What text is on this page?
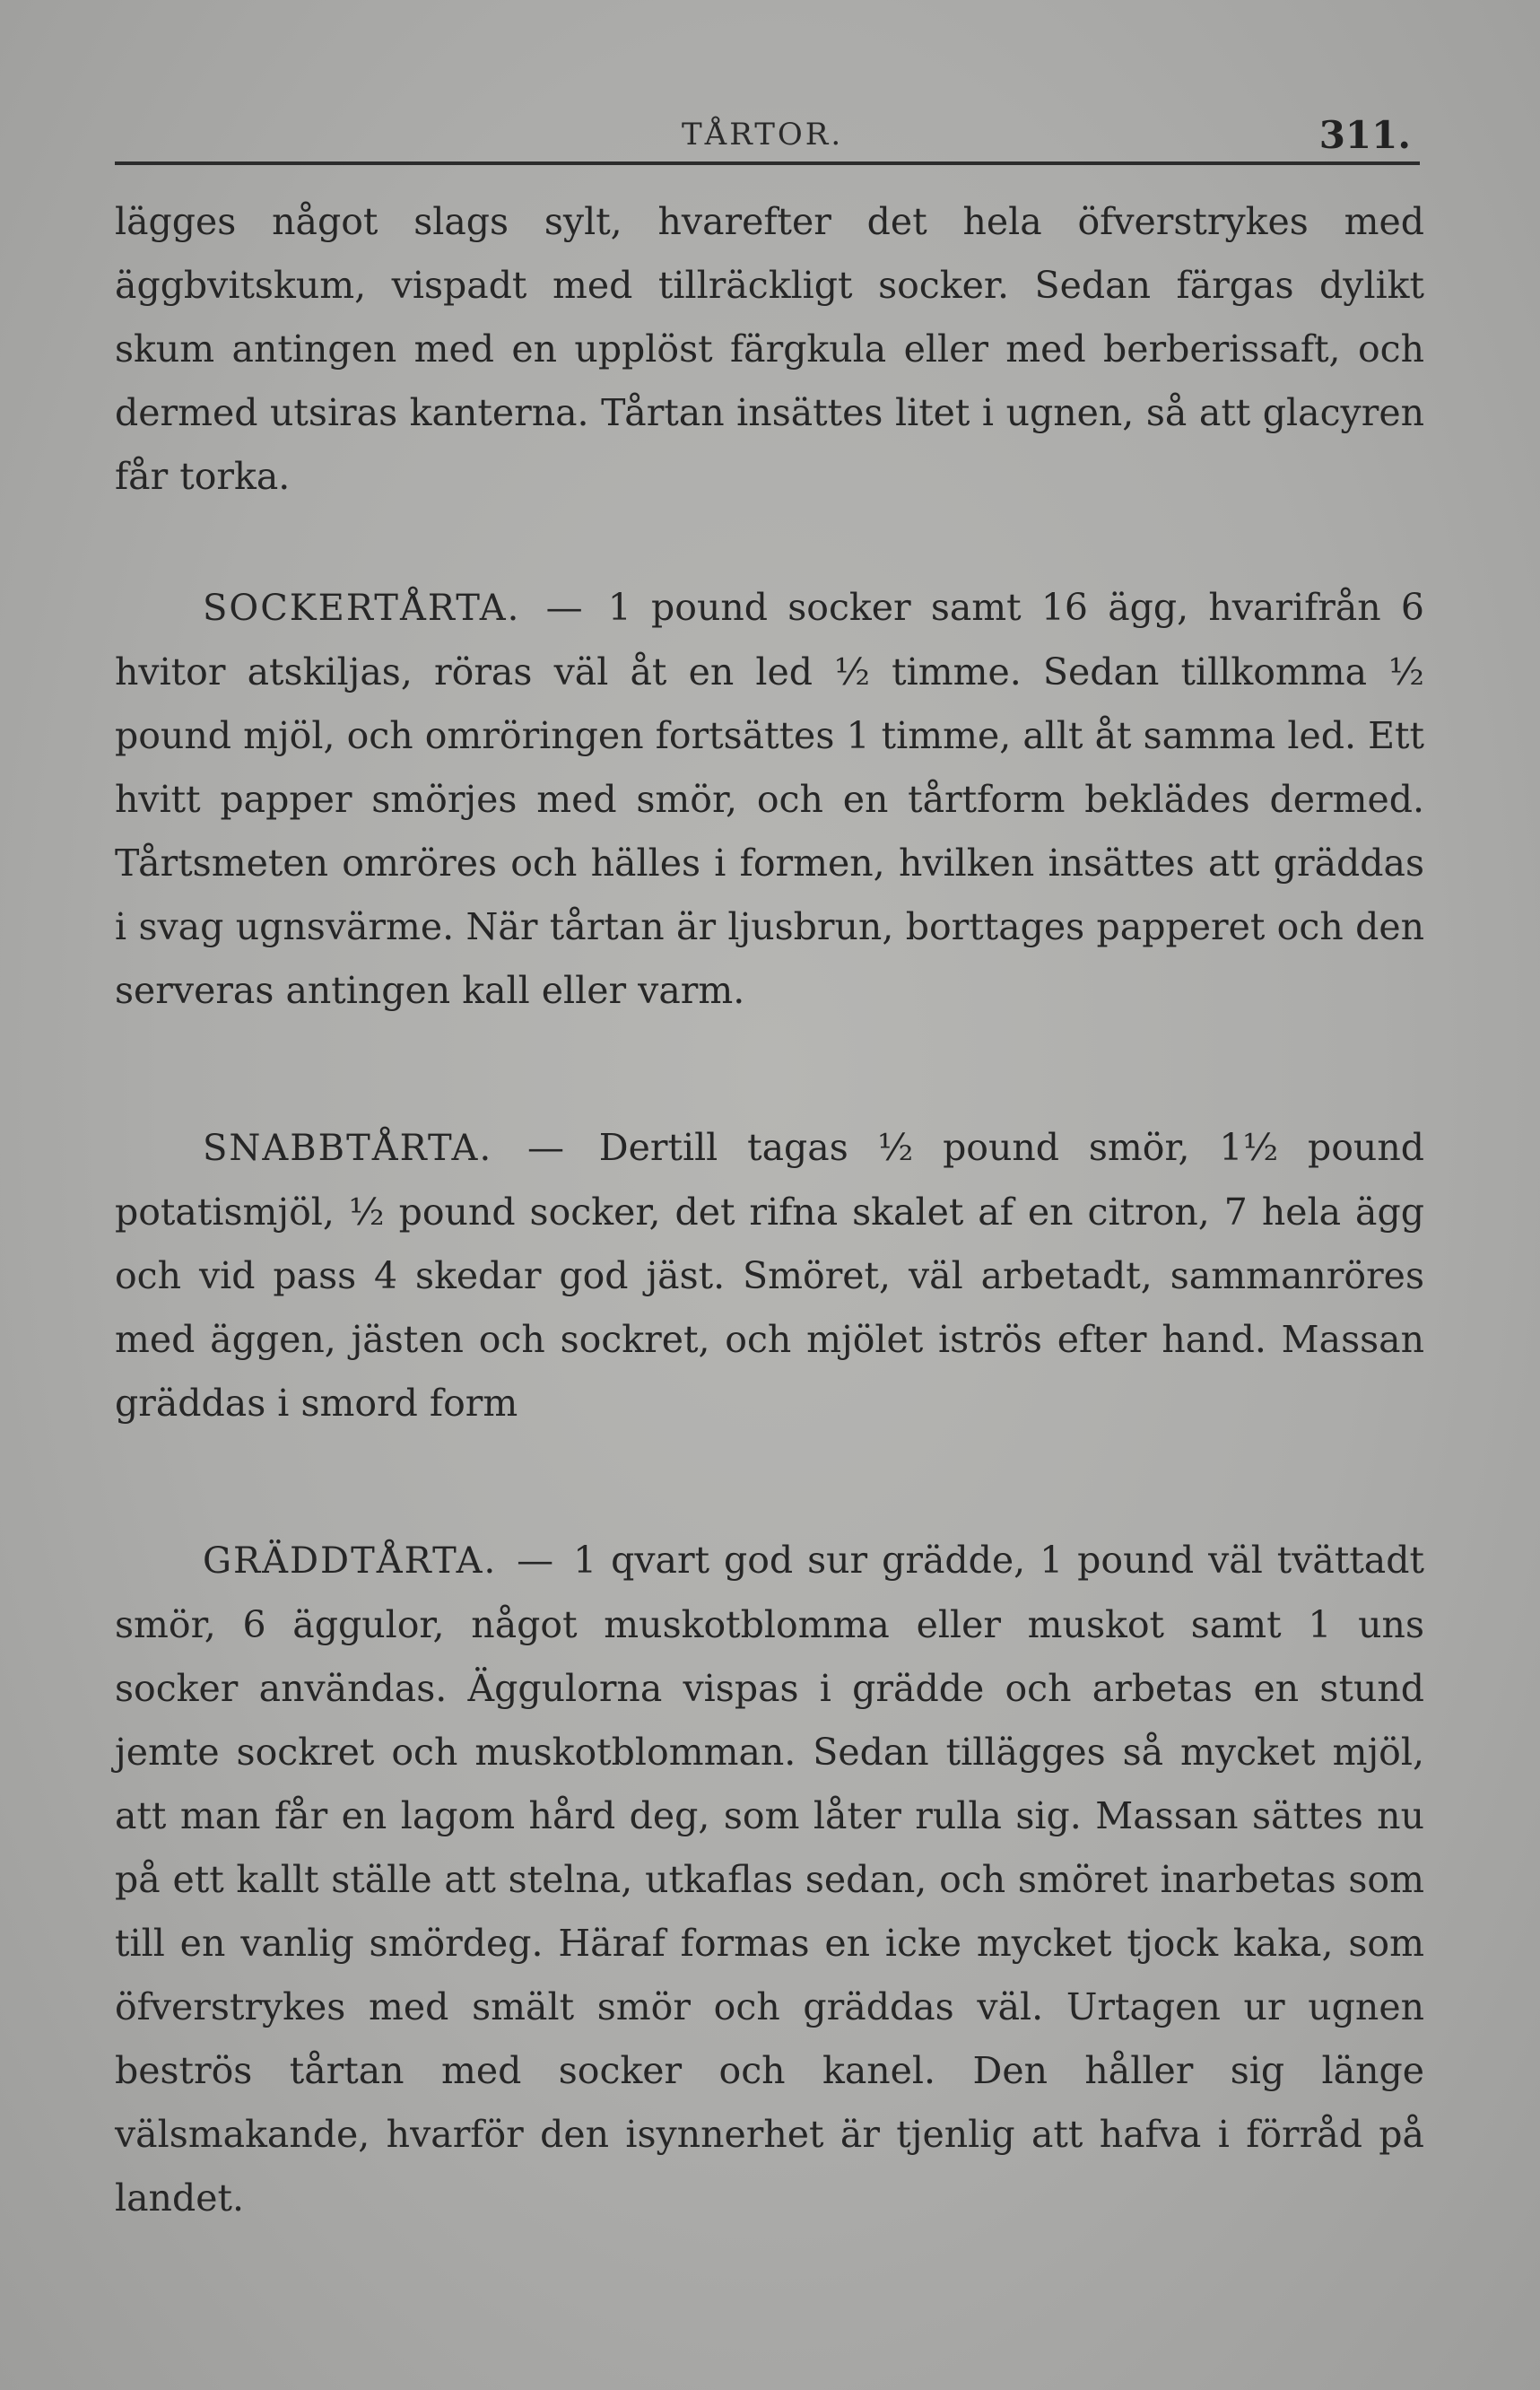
TÅRTOR.	311.

lägges något slags sylt, hvarefter det hela öfverstrykes med äggbvitskum, vispadt med tillräckligt socker. Sedan färgas dylikt skum antingen med en upplöst färgkula eller med berberissaft, och dermed utsiras kanterna. Tårtan insättes litet i ugnen, så att glacyren får torka.

SOCKERTÅRTA. — 1 pound socker samt 16 ägg, hvarifrån 6 hvitor atskiljas, röras väl åt en led ½ timme. Sedan tillkomma ½ pound mjöl, och omröringen fortsättes 1 timme, allt åt samma led. Ett hvitt papper smörjes med smör, och en tårtform beklädes dermed. Tårtsmeten omröres och hälles i formen, hvilken insättes att gräddas i svag ugnsvärme. När tårtan är ljusbrun, borttages papperet och den serveras antingen kall eller varm.

SNABBTÅRTA. — Dertill tagas ½ pound smör, 1½ pound potatismjöl, ½ pound socker, det rifna skalet af en citron, 7 hela ägg och vid pass 4 skedar god jäst. Smöret, väl arbetadt, sammanröres med äggen, jästen och sockret, och mjölet iströs efter hand. Massan gräddas i smord form

GRÄDDTÅRTA. — 1 qvart god sur grädde, 1 pound väl tvättadt smör, 6 äggulor, något muskotblomma eller muskot samt 1 uns socker användas. Äggulorna vispas i grädde och arbetas en stund jemte sockret och muskotblomman. Sedan tillägges så mycket mjöl, att man får en lagom hård deg, som låter rulla sig. Massan sättes nu på ett kallt ställe att stelna, utkaflas sedan, och smöret inarbetas som till en vanlig smördeg. Häraf formas en icke mycket tjock kaka, som öfverstrykes med smält smör och gräddas väl. Urtagen ur ugnen beströs tårtan med socker och kanel. Den håller sig länge välsmakande, hvarför den isynnerhet är tjenlig att hafva i förråd på landet.
